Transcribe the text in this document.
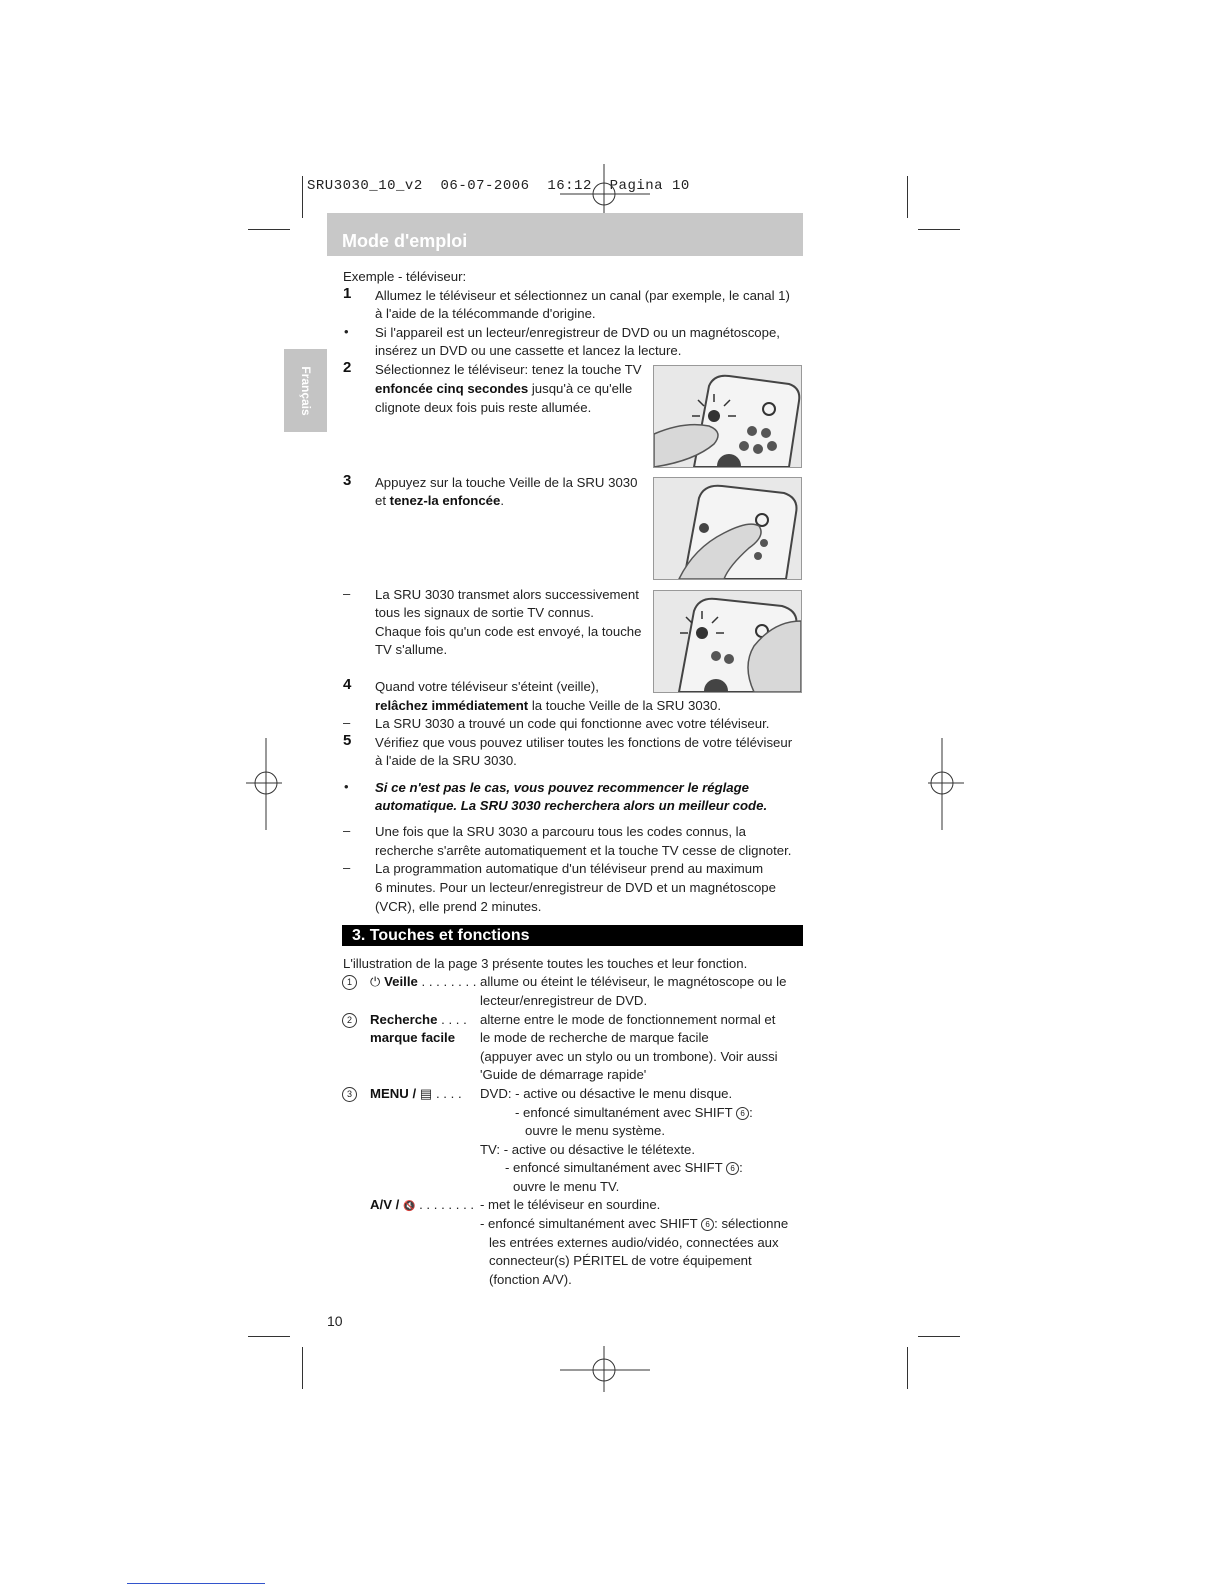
SRU3030_10_v2  06-07-2006  16:12  Pagina 10
Mode d'emploi
Français
Exemple - téléviseur:
1 Allumez le téléviseur et sélectionnez un canal (par exemple, le canal 1)
à l'aide de la télécommande d'origine.
• Si l'appareil est un lecteur/enregistreur de DVD ou un magnétoscope,
insérez un DVD ou une cassette et lancez la lecture.
2 Sélectionnez le téléviseur: tenez la touche TV
enfoncée cinq secondes jusqu'à ce qu'elle
clignote deux fois puis reste allumée.
3 Appuyez sur la touche Veille de la SRU 3030
et tenez-la enfoncée.
– La SRU 3030 transmet alors successivement
tous les signaux de sortie TV connus.
Chaque fois qu'un code est envoyé, la touche
TV s'allume.
4 Quand votre téléviseur s'éteint (veille),
relâchez immédiatement la touche Veille de la SRU 3030.
– La SRU 3030 a trouvé un code qui fonctionne avec votre téléviseur.
5 Vérifiez que vous pouvez utiliser toutes les fonctions de votre téléviseur
à l'aide de la SRU 3030.
• Si ce n'est pas le cas, vous pouvez recommencer le réglage
automatique. La SRU 3030 recherchera alors un meilleur code.
– Une fois que la SRU 3030 a parcouru tous les codes connus, la
recherche s'arrête automatiquement et la touche TV cesse de clignoter.
– La programmation automatique d'un téléviseur prend au maximum
6 minutes. Pour un lecteur/enregistreur de DVD et un magnétoscope
(VCR), elle prend 2 minutes.
3. Touches et fonctions
L'illustration de la page 3 présente toutes les touches et leur fonction.
1	⏻ Veille . . . . . . . . allume ou éteint le téléviseur, le magnétoscope ou le
lecteur/enregistreur de DVD.
2	Recherche . . . .
marque facile
alterne entre le mode de fonctionnement normal et
le mode de recherche de marque facile
(appuyer avec un stylo ou un trombone). Voir aussi
'Guide de démarrage rapide'
3	MENU / ▤ . . . . DVD: - active ou désactive le menu disque.
- enfoncé simultanément avec SHIFT 6 :
ouvre le menu système.
TV: - active ou désactive le télétexte.
- enfoncé simultanément avec SHIFT 6 :
ouvre le menu TV.
A/V / 🔇 . . . . . . . . - met le téléviseur en sourdine.
- enfoncé simultanément avec SHIFT 6 : sélectionne
les entrées externes audio/vidéo, connectées aux
connecteur(s) PÉRITEL de votre équipement
(fonction A/V).
10
